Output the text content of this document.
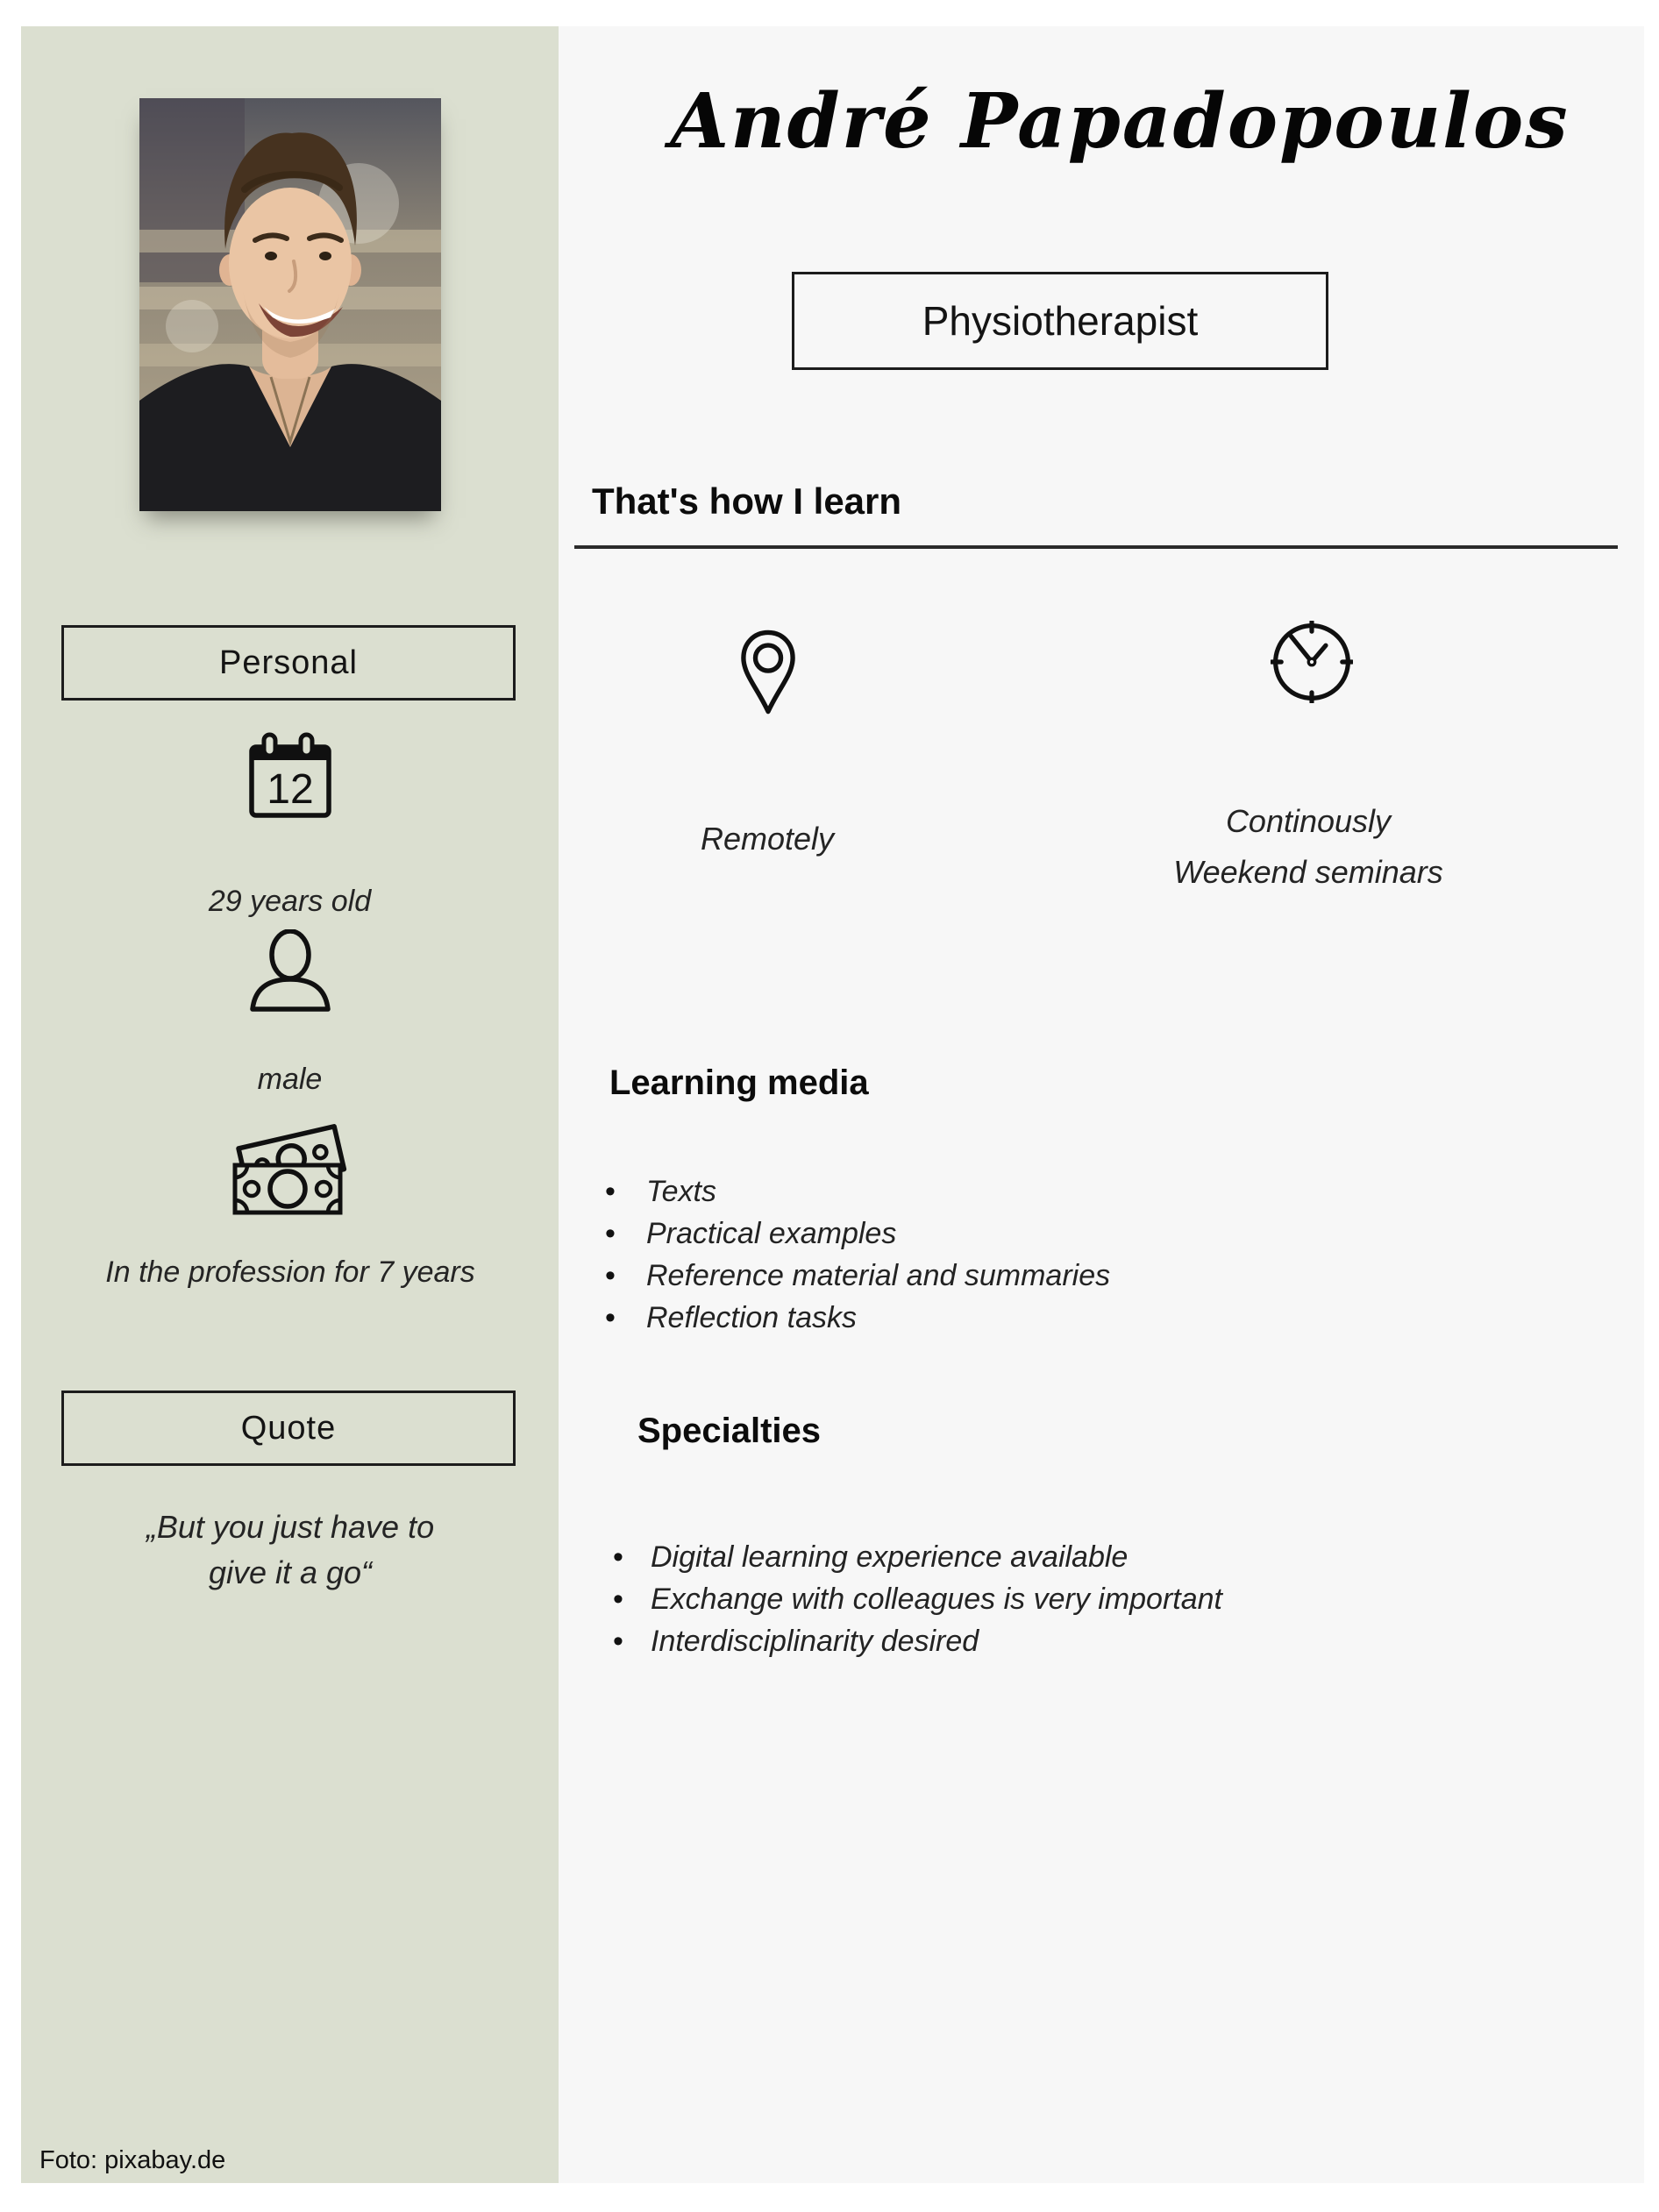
Personal
12
29 years old
male
In the profession for 7 years
Quote
„But you just have to
give it a go“
Foto: pixabay.de
André Papadopoulos
Physiotherapist
That's how I learn
Remotely	Continously
Weekend seminars
Learning media
• Texts
• Practical examples
• Reference material and summaries
• Reflection tasks
Specialties
• Digital learning experience available
• Exchange with colleagues is very important
• Interdisciplinarity desired
